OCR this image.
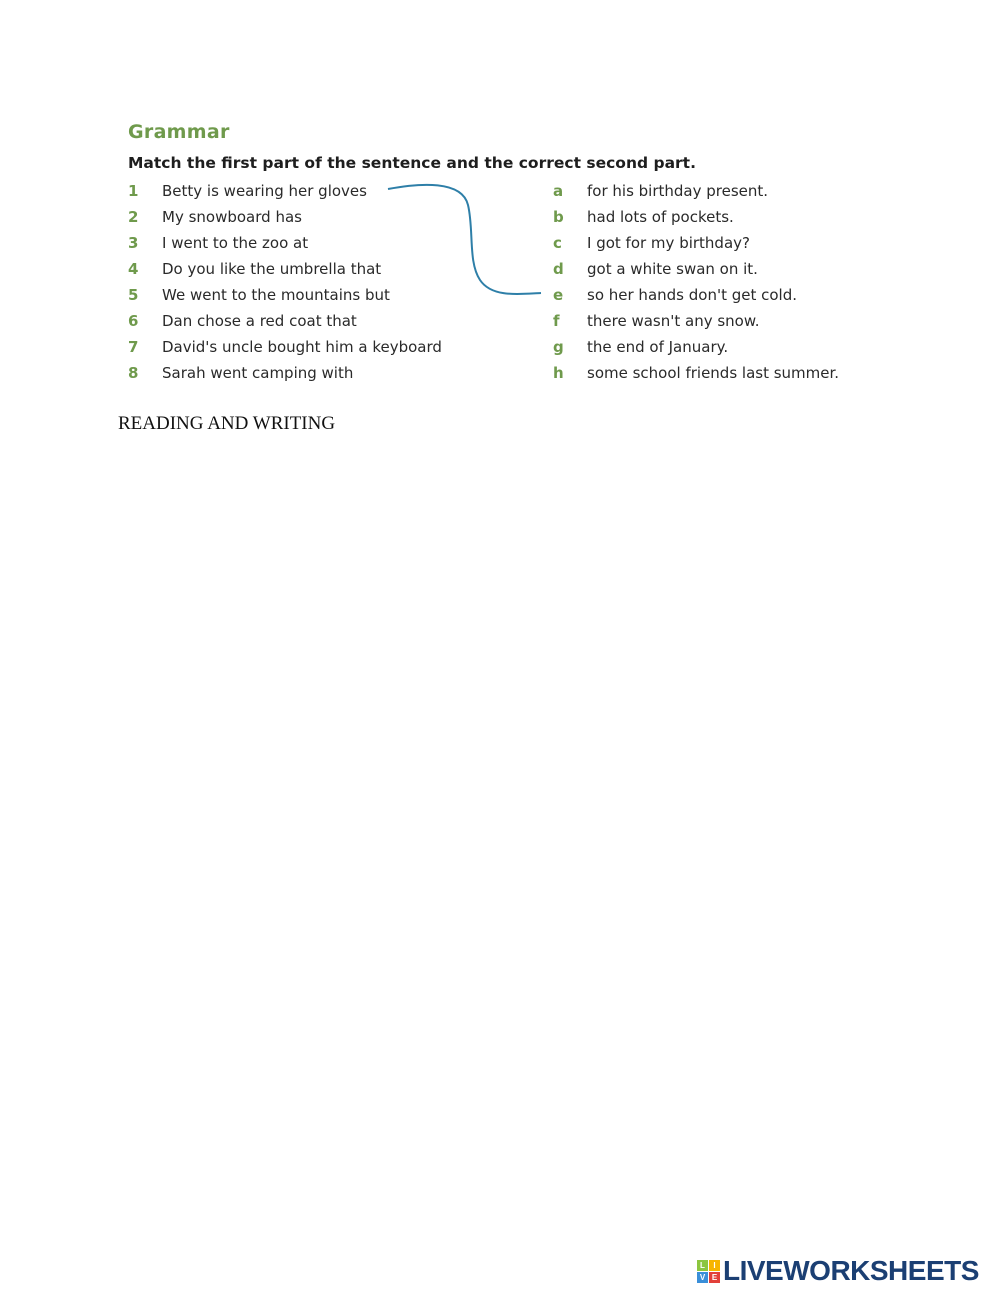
Grammar
Match the first part of the sentence and the correct second part.
1 Betty is wearing her gloves
2 My snowboard has
3 I went to the zoo at
4 Do you like the umbrella that
5 We went to the mountains but
6 Dan chose a red coat that
7 David's uncle bought him a keyboard
8 Sarah went camping with
a for his birthday present.
b had lots of pockets.
c I got for my birthday?
d got a white swan on it.
e so her hands don't get cold.
f there wasn't any snow.
g the end of January.
h some school friends last summer.
READING AND WRITING
L	I
V E LIVEWORKSHEETS
